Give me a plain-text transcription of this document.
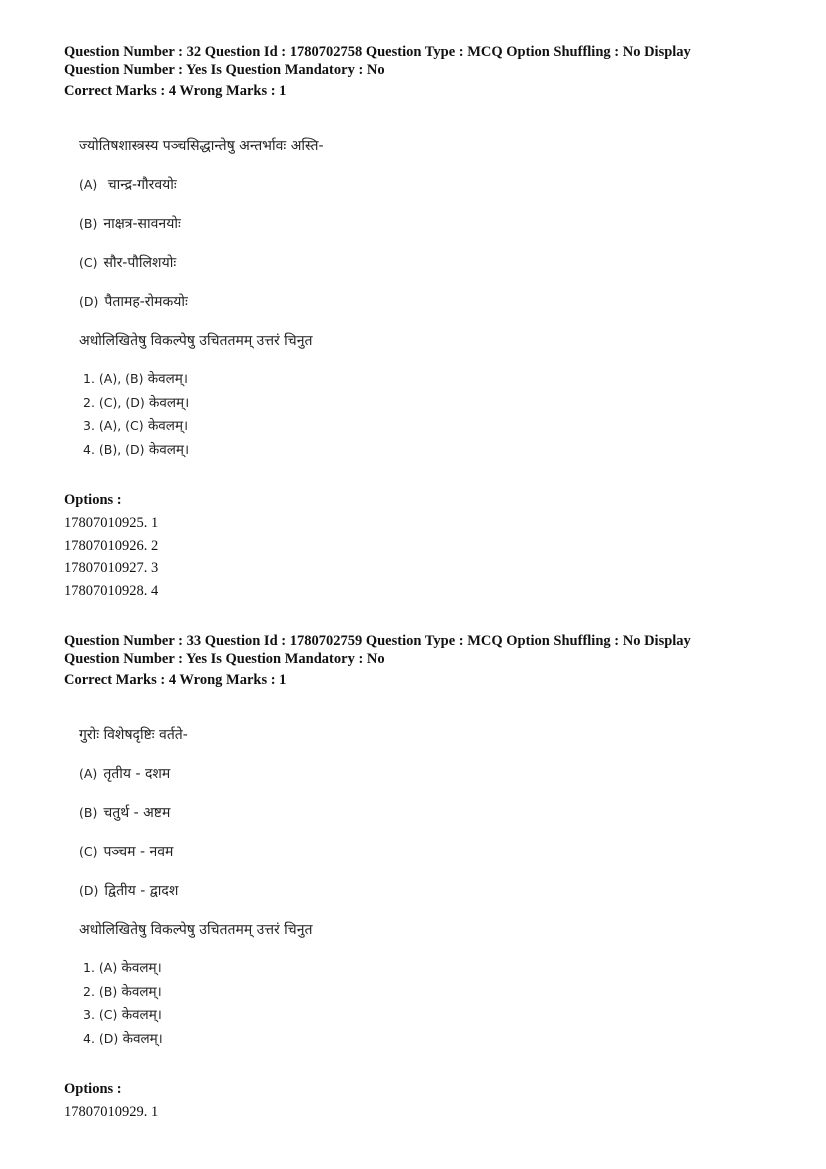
Question Number : 32 Question Id : 1780702758 Question Type : MCQ Option Shuffling : No Display

Question Number : Yes Is Question Mandatory : No

Correct Marks : 4 Wrong Marks : 1

ज्योतिषशास्त्रस्य पञ्चसिद्धान्तेषु अन्तर्भावः अस्ति-
(A) चान्द्र-गौरवयोः
(B) नाक्षत्र-सावनयोः
(C) सौर-पौलिशयोः
(D) पैतामह-रोमकयोः
अधोलिखितेषु विकल्पेषु उचिततमम् उत्तरं चिनुत
1. (A), (B) केवलम्।
2. (C), (D) केवलम्।
3. (A), (C) केवलम्।
4. (B), (D) केवलम्।
Options :
17807010925. 1
17807010926. 2
17807010927. 3
17807010928. 4

Question Number : 33 Question Id : 1780702759 Question Type : MCQ Option Shuffling : No Display

Question Number : Yes Is Question Mandatory : No

Correct Marks : 4 Wrong Marks : 1

गुरोः विशेषदृष्टिः वर्तते-
(A) तृतीय - दशम
(B) चतुर्थ - अष्टम
(C) पञ्चम - नवम
(D) द्वितीय - द्वादश
अधोलिखितेषु विकल्पेषु उचिततमम् उत्तरं चिनुत
1. (A) केवलम्।
2. (B) केवलम्।
3. (C) केवलम्।
4. (D) केवलम्।
Options :
17807010929. 1
